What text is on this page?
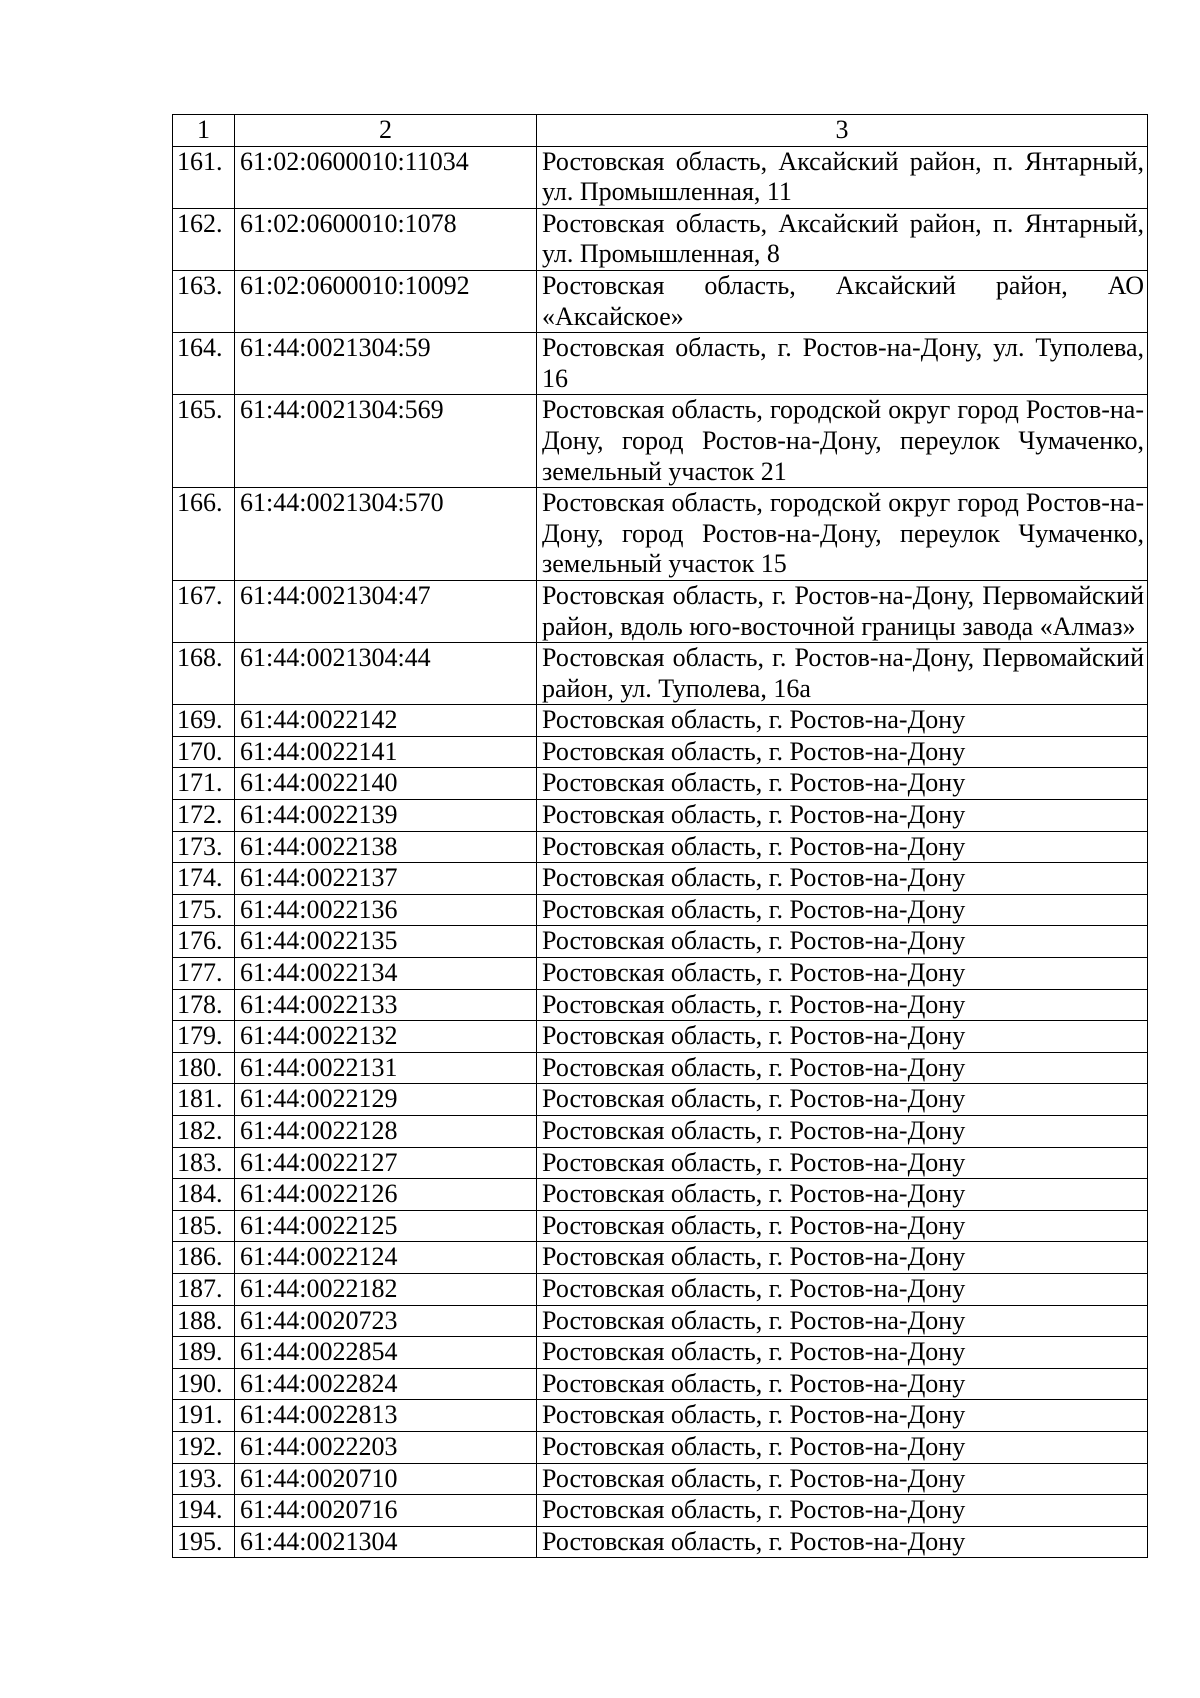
1	2	3
161.	61:02:0600010:11034	Ростовская область, Аксайский район, п. Янтарный, ул. Промышленная, 11
162.	61:02:0600010:1078	Ростовская область, Аксайский район, п. Янтарный, ул. Промышленная, 8
163.	61:02:0600010:10092	Ростовская область, Аксайский район, АО «Аксайское»
164.	61:44:0021304:59	Ростовская область, г. Ростов-на-Дону, ул. Туполева, 16
165.	61:44:0021304:569	Ростовская область, городской округ город Ростов-на-Дону, город Ростов-на-Дону, переулок Чумаченко, земельный участок 21
166.	61:44:0021304:570	Ростовская область, городской округ город Ростов-на-Дону, город Ростов-на-Дону, переулок Чумаченко, земельный участок 15
167.	61:44:0021304:47	Ростовская область, г. Ростов-на-Дону, Первомайский район, вдоль юго-восточной границы завода «Алмаз»
168.	61:44:0021304:44	Ростовская область, г. Ростов-на-Дону, Первомайский район, ул. Туполева, 16а
169.	61:44:0022142	Ростовская область, г. Ростов-на-Дону
170.	61:44:0022141	Ростовская область, г. Ростов-на-Дону
171.	61:44:0022140	Ростовская область, г. Ростов-на-Дону
172.	61:44:0022139	Ростовская область, г. Ростов-на-Дону
173.	61:44:0022138	Ростовская область, г. Ростов-на-Дону
174.	61:44:0022137	Ростовская область, г. Ростов-на-Дону
175.	61:44:0022136	Ростовская область, г. Ростов-на-Дону
176.	61:44:0022135	Ростовская область, г. Ростов-на-Дону
177.	61:44:0022134	Ростовская область, г. Ростов-на-Дону
178.	61:44:0022133	Ростовская область, г. Ростов-на-Дону
179.	61:44:0022132	Ростовская область, г. Ростов-на-Дону
180.	61:44:0022131	Ростовская область, г. Ростов-на-Дону
181.	61:44:0022129	Ростовская область, г. Ростов-на-Дону
182.	61:44:0022128	Ростовская область, г. Ростов-на-Дону
183.	61:44:0022127	Ростовская область, г. Ростов-на-Дону
184.	61:44:0022126	Ростовская область, г. Ростов-на-Дону
185.	61:44:0022125	Ростовская область, г. Ростов-на-Дону
186.	61:44:0022124	Ростовская область, г. Ростов-на-Дону
187.	61:44:0022182	Ростовская область, г. Ростов-на-Дону
188.	61:44:0020723	Ростовская область, г. Ростов-на-Дону
189.	61:44:0022854	Ростовская область, г. Ростов-на-Дону
190.	61:44:0022824	Ростовская область, г. Ростов-на-Дону
191.	61:44:0022813	Ростовская область, г. Ростов-на-Дону
192.	61:44:0022203	Ростовская область, г. Ростов-на-Дону
193.	61:44:0020710	Ростовская область, г. Ростов-на-Дону
194.	61:44:0020716	Ростовская область, г. Ростов-на-Дону
195.	61:44:0021304	Ростовская область, г. Ростов-на-Дону
